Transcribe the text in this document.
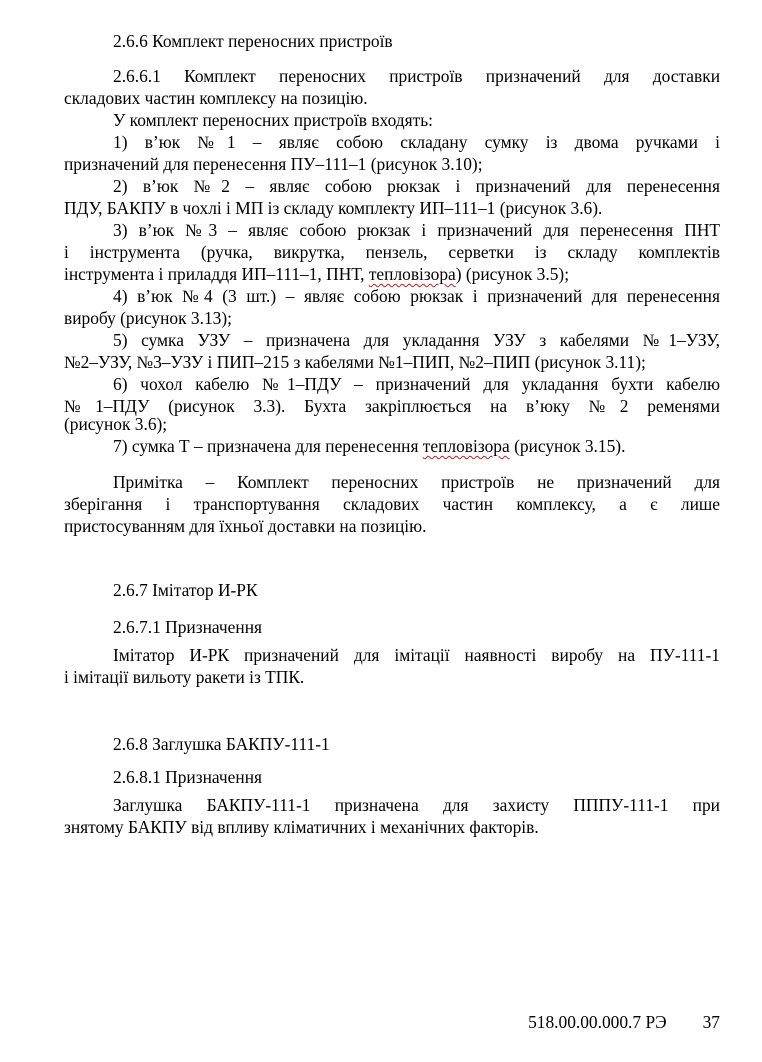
2.6.6 Комплект переносних пристроїв
2.6.6.1 Комплект переносних пристроїв призначений для доставки
складових частин комплексу на позицію.
У комплект переносних пристроїв входять:
1) в’юк №1 – являє собою складану сумку із двома ручками і
призначений для перенесення ПУ–111–1 (рисунок 3.10);
2) в’юк №2 – являє собою рюкзак і призначений для перенесення
ПДУ, БАКПУ в чохлі і МП із складу комплекту ИП–111–1 (рисунок 3.6).
3) в’юк №3 – являє собою рюкзак і призначений для перенесення ПНТ
і інструмента (ручка, викрутка, пензель, серветки із складу комплектів
інструмента і приладдя ИП–111–1, ПНТ, тепловізора) (рисунок 3.5);
4) в’юк №4 (3 шт.) – являє собою рюкзак і призначений для перенесення
виробу (рисунок 3.13);
5) сумка УЗУ – призначена для укладання УЗУ з кабелями №1–УЗУ,
№2–УЗУ, №3–УЗУ і ПИП–215 з кабелями №1–ПИП, №2–ПИП (рисунок 3.11);
6) чохол кабелю №1–ПДУ – призначений для укладання бухти кабелю
№1–ПДУ (рисунок 3.3). Бухта закріплюється на в’юку №2 ременями
(рисунок 3.6);
7) сумка Т – призначена для перенесення тепловізора (рисунок 3.15).
Примітка – Комплект переносних пристроїв не призначений для
зберігання і транспортування складових частин комплексу, а є лише
пристосуванням для їхньої доставки на позицію.
2.6.7 Імітатор И-РК
2.6.7.1 Призначення
Імітатор И-РК призначений для імітації наявності виробу на ПУ-111-1
і імітації вильоту ракети із ТПК.
2.6.8 Заглушка БАКПУ-111-1
2.6.8.1 Призначення
Заглушка БАКПУ-111-1 призначена для захисту ПППУ-111-1 при
знятому БАКПУ від впливу кліматичних і механічних факторів.
518.00.00.000.7 РЭ 37
